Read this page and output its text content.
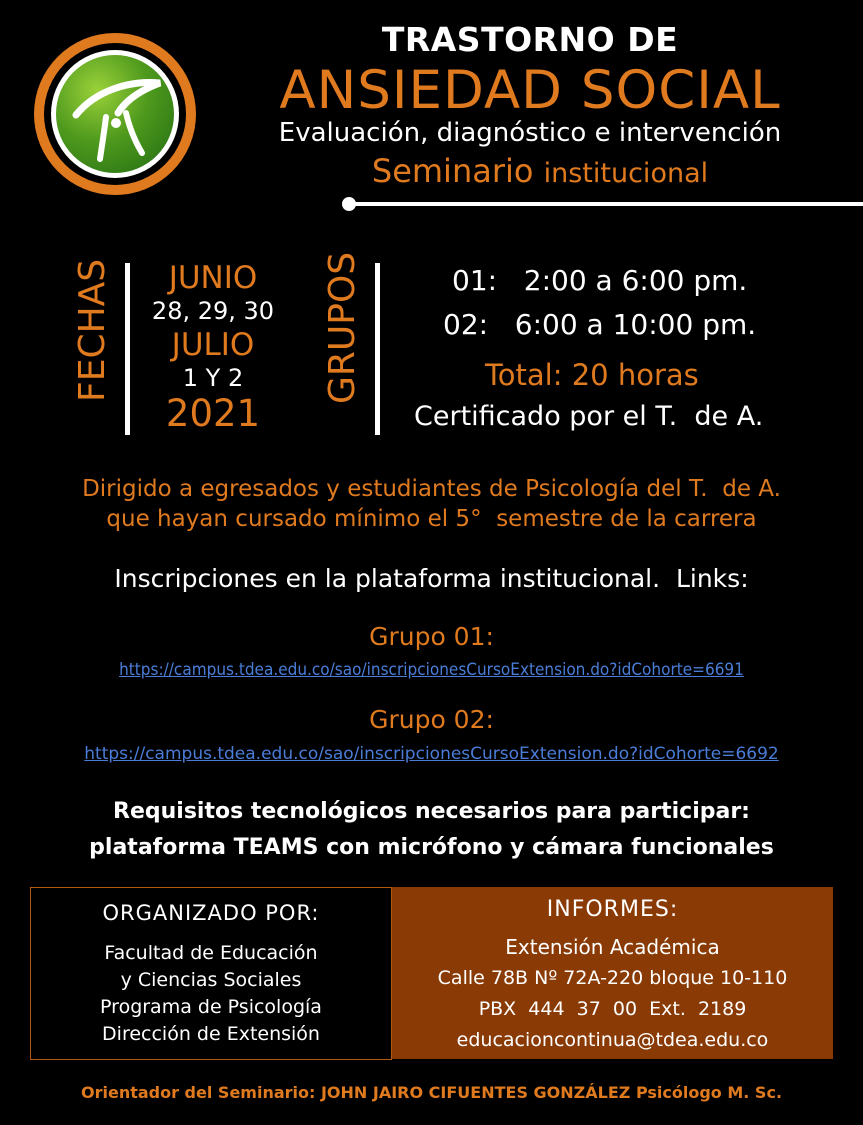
TRASTORNO DE
ANSIEDAD SOCIAL
Evaluación, diagnóstico e intervención
Seminario institucional
FECHAS	JUNIO
28, 29, 30
JULIO
1 Y 2
2021
GRUPOS	01:   2:00 a 6:00 pm.
02:   6:00 a 10:00 pm.
Total: 20 horas
Certificado por el T.  de A.
Dirigido a egresados y estudiantes de Psicología del T.  de A.
que hayan cursado mínimo el 5°  semestre de la carrera
Inscripciones en la plataforma institucional.  Links:
Grupo 01:
https://campus.tdea.edu.co/sao/inscripcionesCursoExtension.do?idCohorte=6691
Grupo 02:
https://campus.tdea.edu.co/sao/inscripcionesCursoExtension.do?idCohorte=6692
Requisitos tecnológicos necesarios para participar:
plataforma TEAMS con micrófono y cámara funcionales
ORGANIZADO POR:
Facultad de Educación
y Ciencias Sociales
Programa de Psicología
Dirección de Extensión
INFORMES:
Extensión Académica
Calle 78B Nº 72A-220 bloque 10-110
PBX  444  37  00  Ext.  2189
educacioncontinua@tdea.edu.co
Orientador del Seminario: JOHN JAIRO CIFUENTES GONZÁLEZ Psicólogo M. Sc.
